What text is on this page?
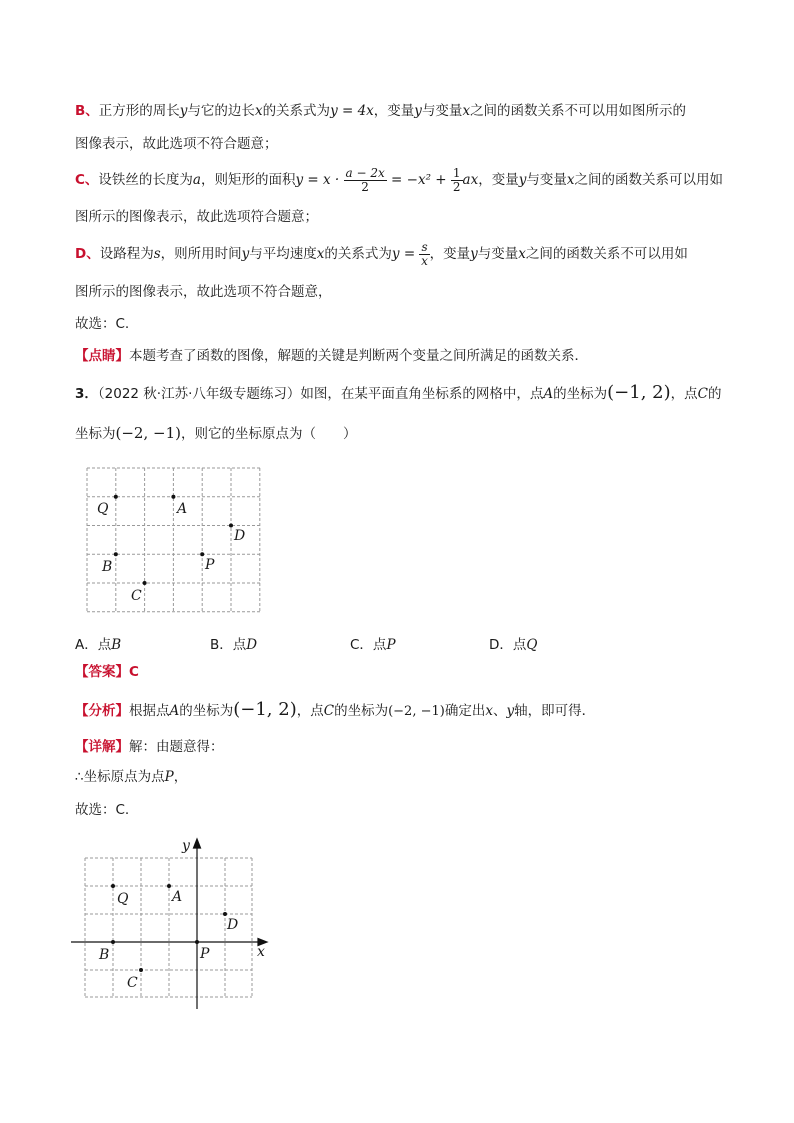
B、正方形的周长y与它的边长x的关系式为y = 4x，变量y与变量x之间的函数关系不可以用如图所示的
图像表示，故此选项不符合题意；
C、设铁丝的长度为a，则矩形的面积$y = x \cdot \frac{a - 2x}{2} = -x^2 + \frac{1}{2}$ ax，变量y与变量x之间的函数关系可以用如
图所示的图像表示，故此选项符合题意；
D、设路程为s，则所用时间y与平均速度x的关系式为$y = \frac{s}{x}$ ，变量y与变量x之间的函数关系不可以用如
图所示的图像表示，故此选项不符合题意，
故选：C.
【点睛】本题考查了函数的图像，解题的关键是判断两个变量之间所满足的函数关系．
3．（2022 秋·江苏·八年级专题练习）如图，在某平面直角坐标系的网格中，点A的坐标为(−1, 2)，点C的
坐标为(−2, −1)，则它的坐标原点为（　　）
Q	A
D
B	P
C
A．点B	B．点D	C．点P	D．点Q
【答案】C
【分析】根据点A的坐标为(−1, 2)，点C的坐标为(−2, −1)确定出x、y轴，即可得．
【详解】解：由题意得：
∴坐标原点为点P，
故选：C.
Q	A
D
B	P
C
x
y
